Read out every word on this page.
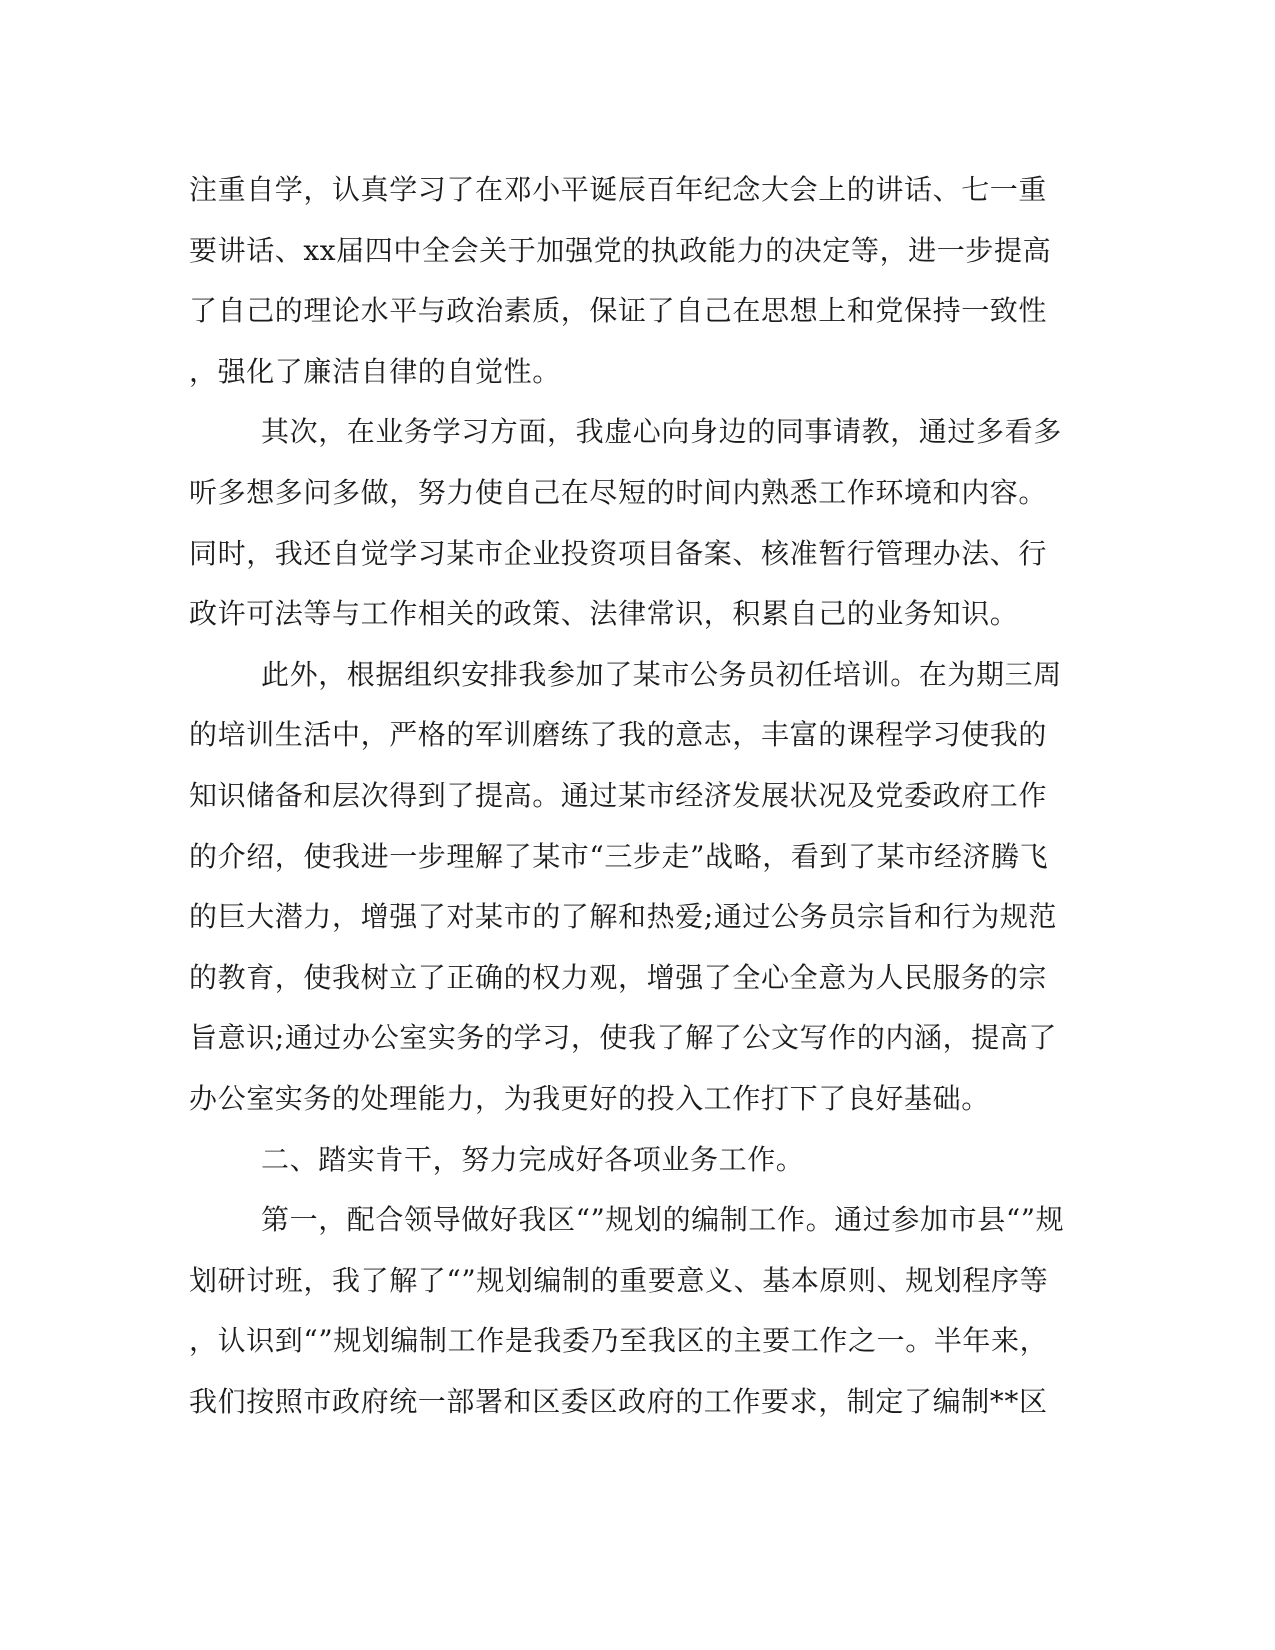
注重自学，认真学习了在邓小平诞辰百年纪念大会上的讲话、七一重
要讲话、xx届四中全会关于加强党的执政能力的决定等，进一步提高
了自己的理论水平与政治素质，保证了自己在思想上和党保持一致性
，强化了廉洁自律的自觉性。
其次，在业务学习方面，我虚心向身边的同事请教，通过多看多
听多想多问多做，努力使自己在尽短的时间内熟悉工作环境和内容。
同时，我还自觉学习某市企业投资项目备案、核准暂行管理办法、行
政许可法等与工作相关的政策、法律常识，积累自己的业务知识。
此外，根据组织安排我参加了某市公务员初任培训。在为期三周
的培训生活中，严格的军训磨练了我的意志，丰富的课程学习使我的
知识储备和层次得到了提高。通过某市经济发展状况及党委政府工作
的介绍，使我进一步理解了某市“三步走”战略，看到了某市经济腾飞
的巨大潜力，增强了对某市的了解和热爱;通过公务员宗旨和行为规范
的教育，使我树立了正确的权力观，增强了全心全意为人民服务的宗
旨意识;通过办公室实务的学习，使我了解了公文写作的内涵，提高了
办公室实务的处理能力，为我更好的投入工作打下了良好基础。
二、踏实肯干，努力完成好各项业务工作。
第一，配合领导做好我区“”规划的编制工作。通过参加市县“”规
划研讨班，我了解了“”规划编制的重要意义、基本原则、规划程序等
，认识到“”规划编制工作是我委乃至我区的主要工作之一。半年来，
我们按照市政府统一部署和区委区政府的工作要求，制定了编制**区
